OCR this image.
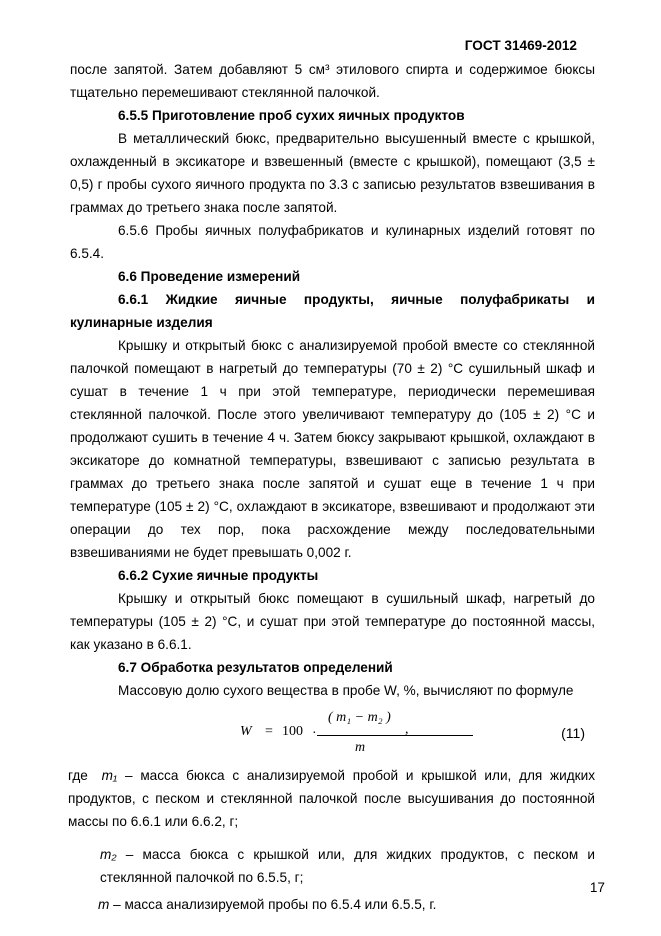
ГОСТ 31469-2012

после запятой. Затем добавляют 5 см³ этилового спирта и содержимое бюксы тщательно перемешивают стеклянной палочкой.

6.5.5 Приготовление проб сухих яичных продуктов

В металлический бюкс, предварительно высушенный вместе с крышкой, охлажденный в эксикаторе и взвешенный (вместе с крышкой), помещают (3,5 ± 0,5) г пробы сухого яичного продукта по 3.3 с записью результатов взвешивания в граммах до третьего знака после запятой.

6.5.6 Пробы яичных полуфабрикатов и кулинарных изделий готовят по 6.5.4.

6.6 Проведение измерений

6.6.1 Жидкие яичные продукты, яичные полуфабрикаты и кулинарные изделия

Крышку и открытый бюкс с анализируемой пробой вместе со стеклянной палочкой помещают в нагретый до температуры (70 ± 2) °С сушильный шкаф и сушат в течение 1 ч при этой температуре, периодически перемешивая стеклянной палочкой. После этого увеличивают температуру до (105 ± 2) °С и продолжают сушить в течение 4 ч. Затем бюксу закрывают крышкой, охлаждают в эксикаторе до комнатной температуры, взвешивают с записью результата в граммах до третьего знака после запятой и сушат еще в течение 1 ч при температуре (105 ± 2) °С, охлаждают в эксикаторе, взвешивают и продолжают эти операции до тех пор, пока расхождение между последовательными взвешиваниями не будет превышать 0,002 г.

6.6.2 Сухие яичные продукты

Крышку и открытый бюкс помещают в сушильный шкаф, нагретый до температуры (105 ± 2) °С, и сушат при этой температуре до постоянной массы, как указано в 6.6.1.

6.7 Обработка результатов определений

Массовую долю сухого вещества в пробе W, %, вычисляют по формуле

W = 100 ·
( m₁ − m₂ )
m
,	(11)

где m₁ – масса бюкса с анализируемой пробой и крышкой или, для жидких продуктов, с песком и стеклянной палочкой после высушивания до постоянной массы по 6.6.1 или 6.6.2, г;

m₂ – масса бюкса с крышкой или, для жидких продуктов, с песком и стеклянной палочкой по 6.5.5, г;

m – масса анализируемой пробы по 6.5.4 или 6.5.5, г.

17
